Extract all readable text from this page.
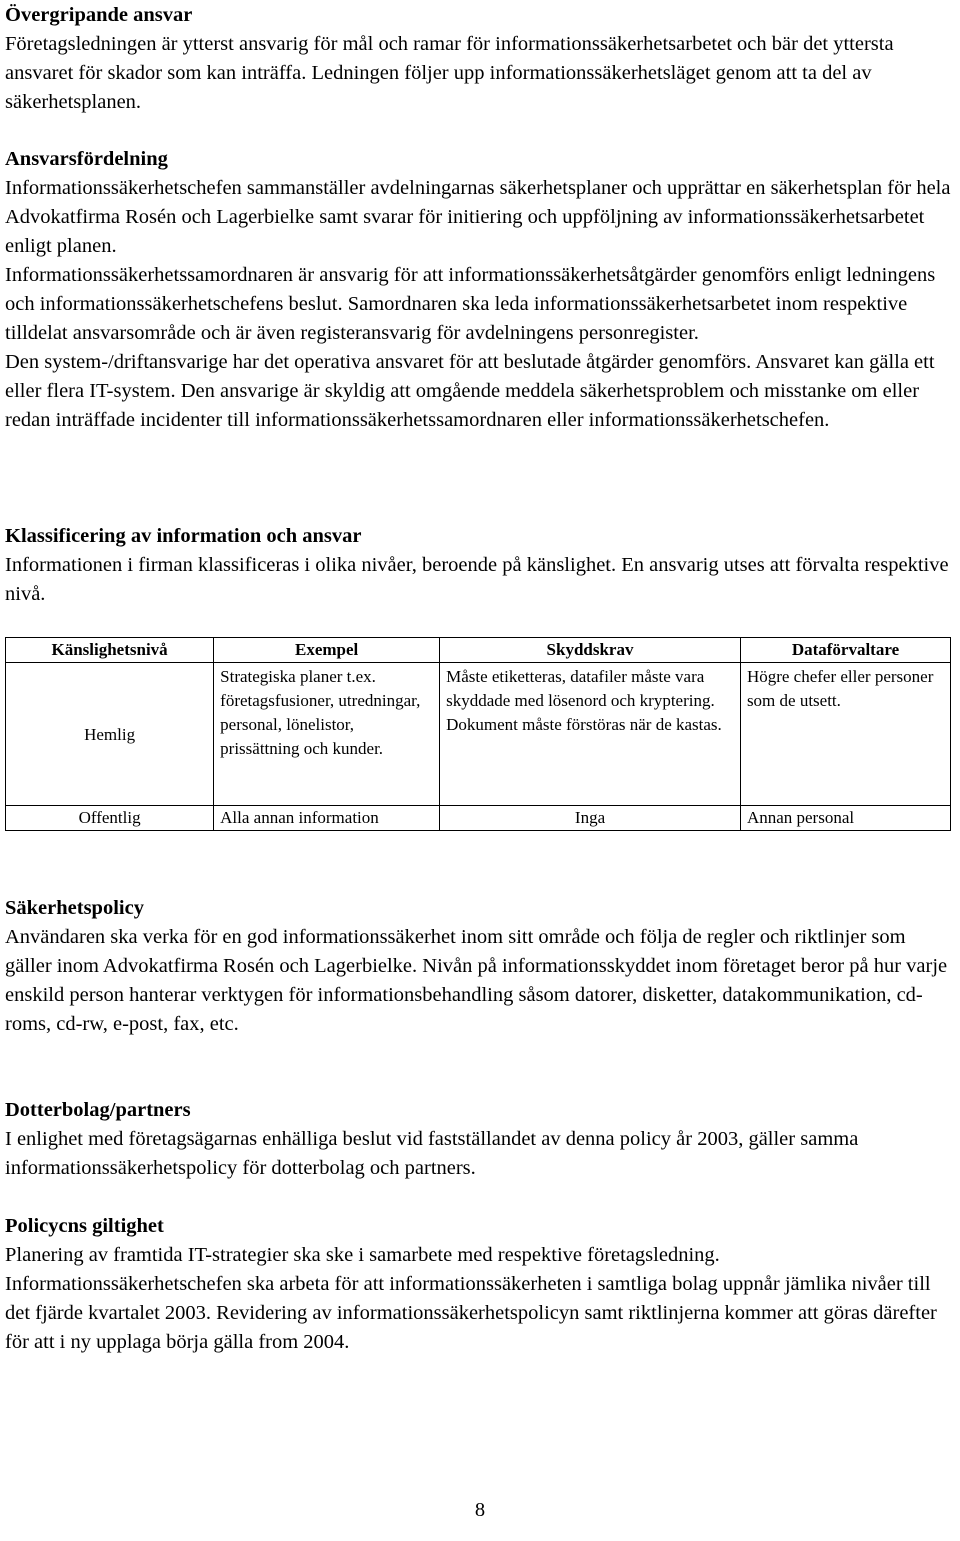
Övergripande ansvar

Företagsledningen är ytterst ansvarig för mål och ramar för informationssäkerhetsarbetet och bär det yttersta ansvaret för skador som kan inträffa. Ledningen följer upp informationssäkerhetsläget genom att ta del av säkerhetsplanen.

Ansvarsfördelning

Informationssäkerhetschefen sammanställer avdelningarnas säkerhetsplaner och upprättar en säkerhetsplan för hela Advokatfirma Rosén och Lagerbielke samt svarar för initiering och uppföljning av informationssäkerhetsarbetet enligt planen.

Informationssäkerhetssamordnaren är ansvarig för att informationssäkerhetsåtgärder genomförs enligt ledningens och informationssäkerhetschefens beslut. Samordnaren ska leda informationssäkerhetsarbetet inom respektive tilldelat ansvarsområde och är även registeransvarig för avdelningens personregister.

Den system-/driftansvarige har det operativa ansvaret för att beslutade åtgärder genomförs. Ansvaret kan gälla ett eller flera IT-system. Den ansvarige är skyldig att omgående meddela säkerhetsproblem och misstanke om eller redan inträffade incidenter till informationssäkerhetssamordnaren eller informationssäkerhetschefen.

Klassificering av information och ansvar

Informationen i firman klassificeras i olika nivåer, beroende på känslighet. En ansvarig utses att förvalta respektive nivå.

Känslighetsnivå	Exempel	Skyddskrav	Dataförvaltare
Hemlig	Strategiska planer t.ex. företagsfusioner, utredningar, personal, lönelistor, prissättning och kunder.	Måste etiketteras, datafiler måste vara skyddade med lösenord och kryptering. Dokument måste förstöras när de kastas.	Högre chefer eller personer som de utsett.
Offentlig	Alla annan information	Inga	Annan personal

Säkerhetspolicy

Användaren ska verka för en god informationssäkerhet inom sitt område och följa de regler och riktlinjer som gäller inom Advokatfirma Rosén och Lagerbielke. Nivån på informationsskyddet inom företaget beror på hur varje enskild person hanterar verktygen för informationsbehandling såsom datorer, disketter, datakommunikation, cd-roms, cd-rw, e-post, fax, etc.

Dotterbolag/partners

I enlighet med företagsägarnas enhälliga beslut vid fastställandet av denna policy år 2003, gäller samma informationssäkerhetspolicy för dotterbolag och partners.

Policycns giltighet

Planering av framtida IT-strategier ska ske i samarbete med respektive företagsledning.

Informationssäkerhetschefen ska arbeta för att informationssäkerheten i samtliga bolag uppnår jämlika nivåer till det fjärde kvartalet 2003. Revidering av informationssäkerhetspolicyn samt riktlinjerna kommer att göras därefter för att i ny upplaga börja gälla from 2004.

8
